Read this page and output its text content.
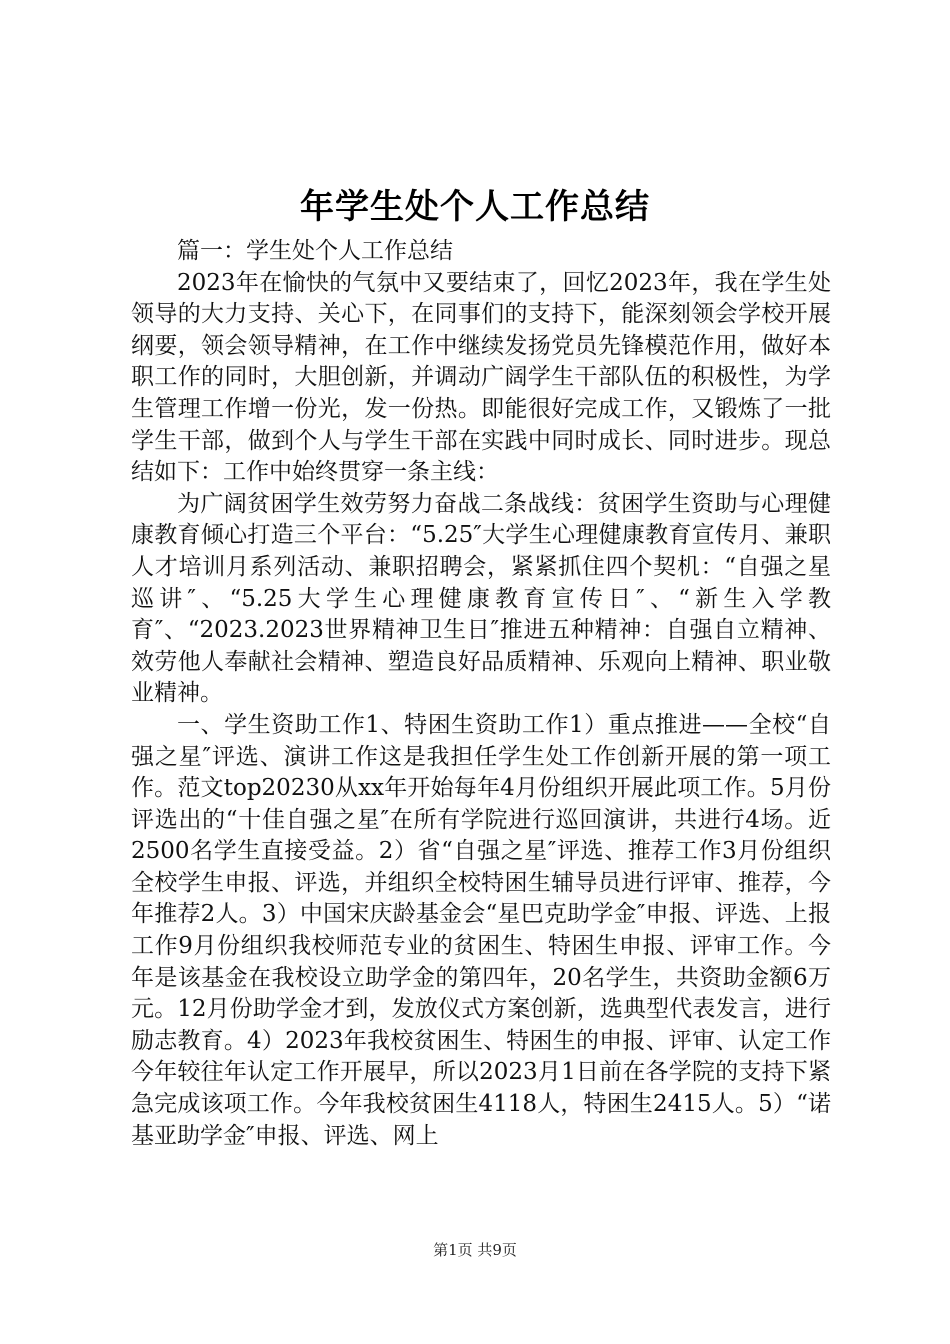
年学生处个人工作总结

篇一：学生处个人工作总结

2023年在愉快的气氛中又要结束了，回忆2023年，我在学生处领导的大力支持、关心下，在同事们的支持下，能深刻领会学校开展纲要，领会领导精神，在工作中继续发扬党员先锋模范作用，做好本职工作的同时，大胆创新，并调动广阔学生干部队伍的积极性，为学生管理工作增一份光，发一份热。即能很好完成工作，又锻炼了一批学生干部，做到个人与学生干部在实践中同时成长、同时进步。现总结如下：工作中始终贯穿一条主线：

为广阔贫困学生效劳努力奋战二条战线：贫困学生资助与心理健康教育倾心打造三个平台：“5.25″大学生心理健康教育宣传月、兼职人才培训月系列活动、兼职招聘会，紧紧抓住四个契机：“自强之星巡讲″、“5.25大学生心理健康教育宣传日″、“新生入学教育″、“2023.2023世界精神卫生日″推进五种精神：自强自立精神、效劳他人奉献社会精神、塑造良好品质精神、乐观向上精神、职业敬业精神。

一、学生资助工作1、特困生资助工作1）重点推进——全校“自强之星″评选、演讲工作这是我担任学生处工作创新开展的第一项工作。范文top20230从xx年开始每年4月份组织开展此项工作。5月份评选出的“十佳自强之星″在所有学院进行巡回演讲，共进行4场。近2500名学生直接受益。2）省“自强之星″评选、推荐工作3月份组织全校学生申报、评选，并组织全校特困生辅导员进行评审、推荐，今年推荐2人。3）中国宋庆龄基金会“星巴克助学金″申报、评选、上报工作9月份组织我校师范专业的贫困生、特困生申报、评审工作。今年是该基金在我校设立助学金的第四年，20名学生，共资助金额6万元。12月份助学金才到，发放仪式方案创新，选典型代表发言，进行励志教育。4）2023年我校贫困生、特困生的申报、评审、认定工作今年较往年认定工作开展早，所以2023月1日前在各学院的支持下紧急完成该项工作。今年我校贫困生4118人，特困生2415人。5）“诺基亚助学金″申报、评选、网上

第1页 共9页
